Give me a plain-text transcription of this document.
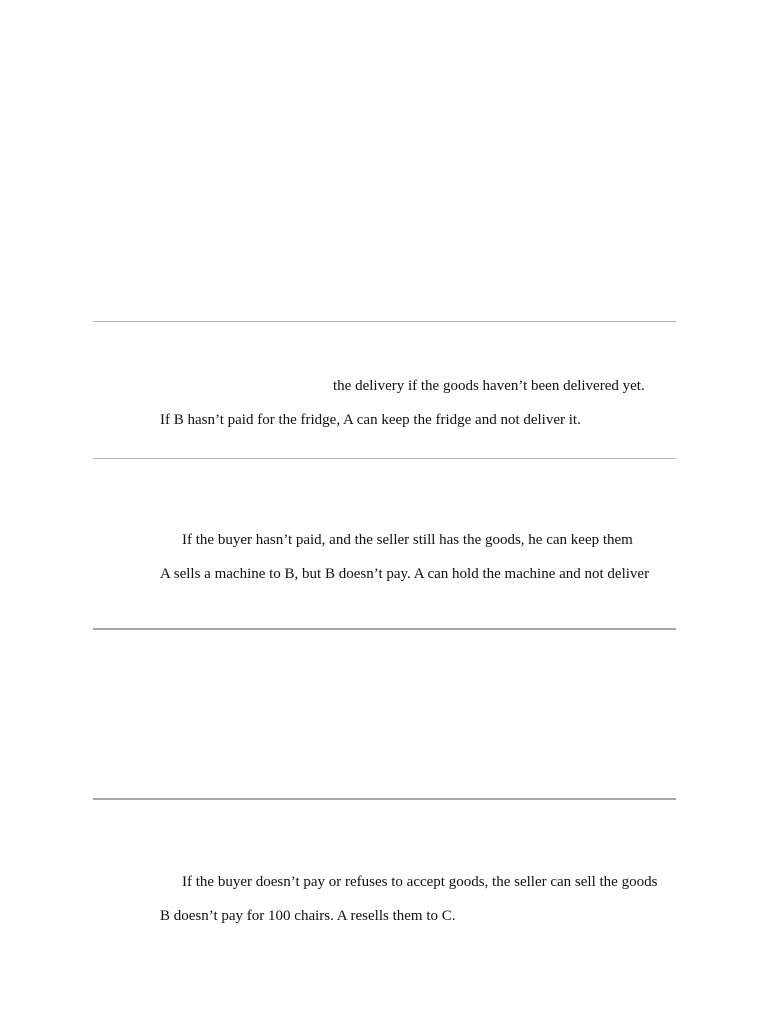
the delivery if the goods haven’t been delivered yet.
If B hasn’t paid for the fridge, A can keep the fridge and not deliver it.
If the buyer hasn’t paid, and the seller still has the goods, he can keep them
A sells a machine to B, but B doesn’t pay. A can hold the machine and not deliver
If the buyer doesn’t pay or refuses to accept goods, the seller can sell the goods
B doesn’t pay for 100 chairs. A resells them to C.
